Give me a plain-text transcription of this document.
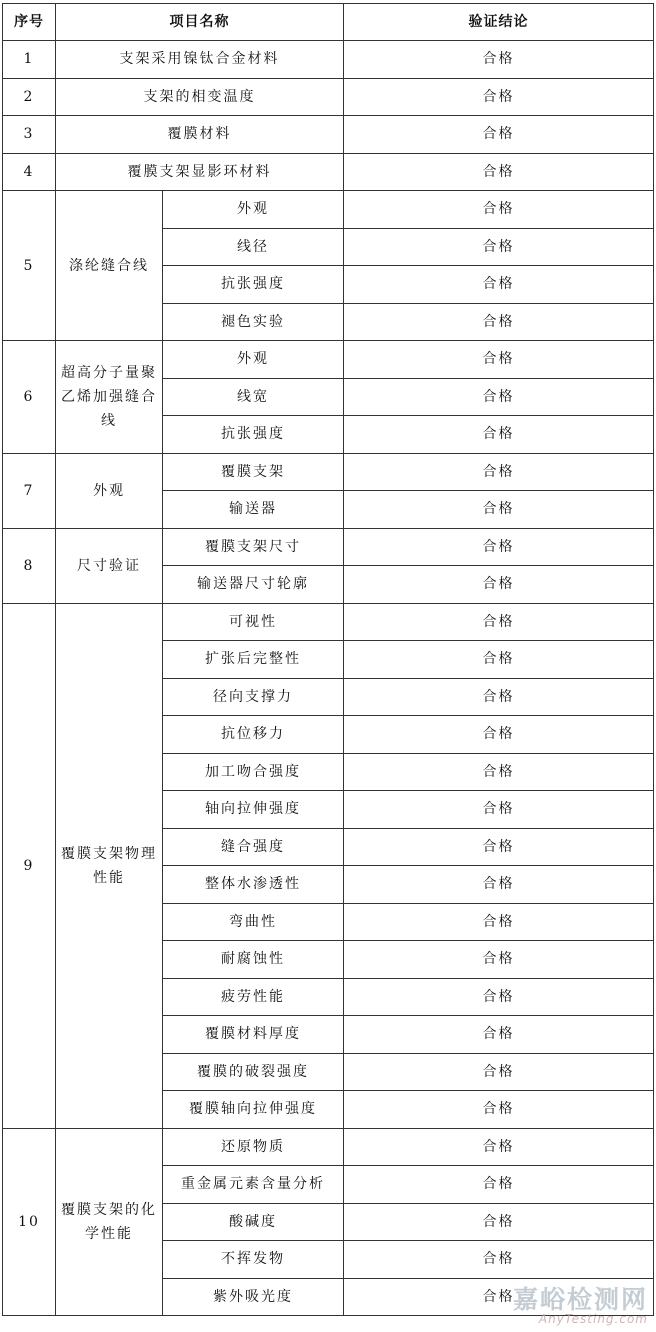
序号	项目名称		验证结论
1	支架采用镍钛合金材料		合格
2	支架的相变温度		合格
3	覆膜材料		合格
4	覆膜支架显影环材料		合格
5	涤纶缝合线	外观	合格
		线径	合格
		抗张强度	合格
		褪色实验	合格
6	超高分子量聚乙烯加强缝合线	外观	合格
		线宽	合格
		抗张强度	合格
7	外观	覆膜支架	合格
		输送器	合格
8	尺寸验证	覆膜支架尺寸	合格
		输送器尺寸轮廓	合格
9	覆膜支架物理性能	可视性	合格
		扩张后完整性	合格
		径向支撑力	合格
		抗位移力	合格
		加工吻合强度	合格
		轴向拉伸强度	合格
		缝合强度	合格
		整体水渗透性	合格
		弯曲性	合格
		耐腐蚀性	合格
		疲劳性能	合格
		覆膜材料厚度	合格
		覆膜的破裂强度	合格
		覆膜轴向拉伸强度	合格
10	覆膜支架的化学性能	还原物质	合格
		重金属元素含量分析	合格
		酸碱度	合格
		不挥发物	合格
		紫外吸光度	合格
嘉峪检测网
AnyTesting.com
